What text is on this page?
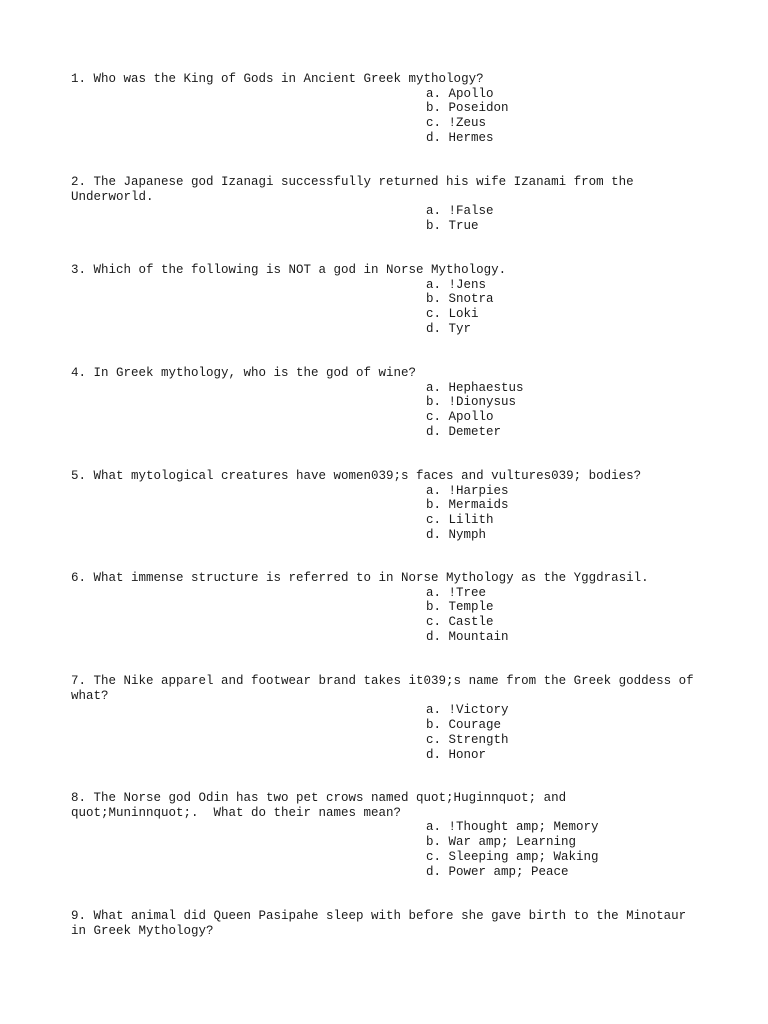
1. Who was the King of Gods in Ancient Greek mythology?

a. Apollo
b. Poseidon
c. !Zeus
d. Hermes

2. The Japanese god Izanagi successfully returned his wife Izanami from the
Underworld.

a. !False
b. True

3. Which of the following is NOT a god in Norse Mythology.

a. !Jens
b. Snotra
c. Loki
d. Tyr

4. In Greek mythology, who is the god of wine?

a. Hephaestus
b. !Dionysus
c. Apollo
d. Demeter

5. What mytological creatures have women039;s faces and vultures039; bodies?

a. !Harpies
b. Mermaids
c. Lilith
d. Nymph

6. What immense structure is referred to in Norse Mythology as the Yggdrasil.

a. !Tree
b. Temple
c. Castle
d. Mountain

7. The Nike apparel and footwear brand takes it039;s name from the Greek goddess of
what?

a. !Victory
b. Courage
c. Strength
d. Honor

8. The Norse god Odin has two pet crows named quot;Huginnquot; and
quot;Muninnquot;.  What do their names mean?

a. !Thought amp; Memory
b. War amp; Learning
c. Sleeping amp; Waking
d. Power amp; Peace

9. What animal did Queen Pasipahe sleep with before she gave birth to the Minotaur
in Greek Mythology?
